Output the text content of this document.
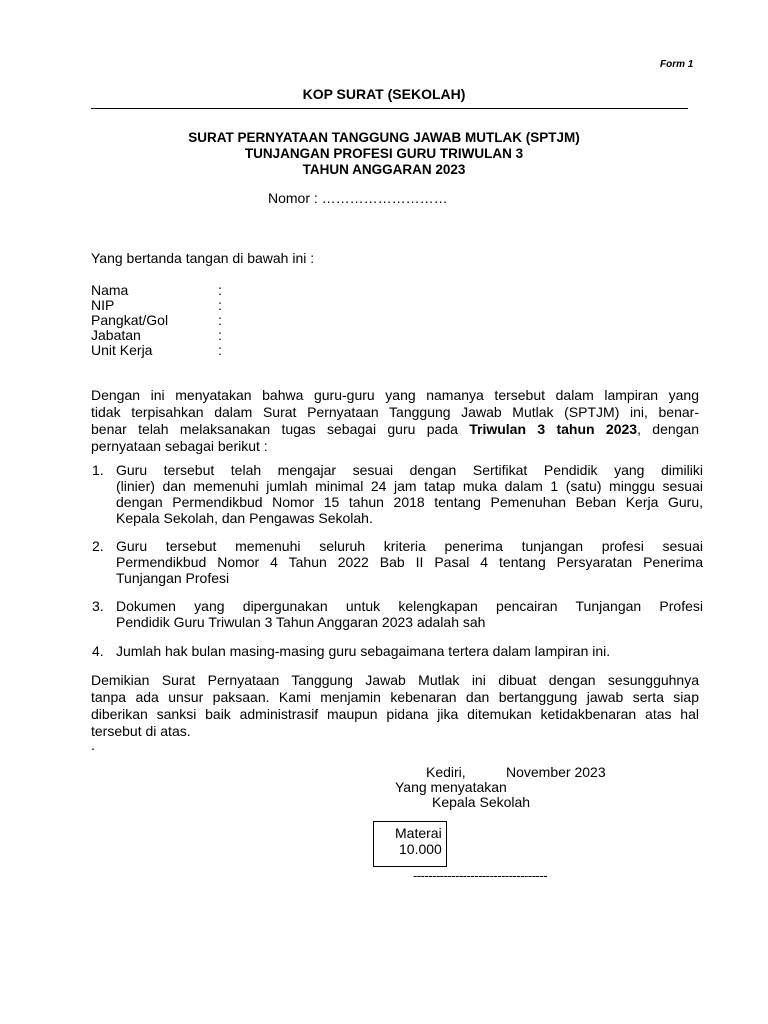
Form 1
KOP SURAT (SEKOLAH)
SURAT PERNYATAAN TANGGUNG JAWAB MUTLAK (SPTJM)
TUNJANGAN PROFESI GURU TRIWULAN 3
TAHUN ANGGARAN 2023
Nomor : ………………………
Yang bertanda tangan di bawah ini :
Nama	:
NIP	:
Pangkat/Gol	:
Jabatan	:
Unit Kerja	:
Dengan ini menyatakan bahwa guru-guru yang namanya tersebut dalam lampiran yang
tidak terpisahkan dalam Surat Pernyataan Tanggung Jawab Mutlak (SPTJM) ini, benar-
benar telah melaksanakan tugas sebagai guru pada Triwulan 3 tahun 2023, dengan
pernyataan sebagai berikut :
1. Guru tersebut telah mengajar sesuai dengan Sertifikat Pendidik yang dimiliki
(linier) dan memenuhi jumlah minimal 24 jam tatap muka dalam 1 (satu) minggu sesuai
dengan Permendikbud Nomor 15 tahun 2018 tentang Pemenuhan Beban Kerja Guru,
Kepala Sekolah, dan Pengawas Sekolah.
2. Guru tersebut memenuhi seluruh kriteria penerima tunjangan profesi sesuai
Permendikbud Nomor 4 Tahun 2022 Bab II Pasal 4 tentang Persyaratan Penerima
Tunjangan Profesi
3. Dokumen yang dipergunakan untuk kelengkapan pencairan Tunjangan Profesi
Pendidik Guru Triwulan 3 Tahun Anggaran 2023 adalah sah
4. Jumlah hak bulan masing-masing guru sebagaimana tertera dalam lampiran ini.
Demikian Surat Pernyataan Tanggung Jawab Mutlak ini dibuat dengan sesungguhnya
tanpa ada unsur paksaan. Kami menjamin kebenaran dan bertanggung jawab serta siap
diberikan sanksi baik administrasif maupun pidana jika ditemukan ketidakbenaran atas hal
tersebut di atas.
.
Kediri,	November 2023
Yang menyatakan
Kepala Sekolah
Materai
10.000
-----------------------------------
